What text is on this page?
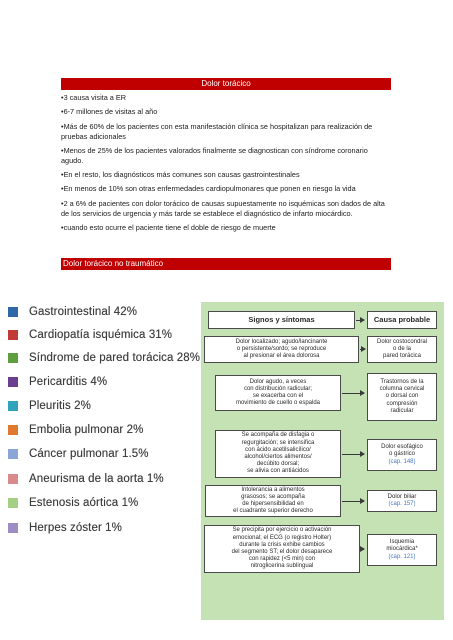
Dolor torácico
• 3 causa visita a ER
• 6-7 millones de visitas al año
• Más de 60% de los pacientes con esta manifestación clínica se hospitalizan para realización de pruebas adicionales
• Menos de 25% de los pacientes valorados finalmente se diagnostican con síndrome coronario agudo.
• En el resto, los diagnósticos más comunes son causas gastrointestinales
• En menos de 10% son otras enfermedades cardiopulmonares que ponen en riesgo la vida
• 2 a 6% de pacientes con dolor torácico de causas supuestamente no isquémicas son dados de alta de los servicios de urgencia y más tarde se establece el diagnóstico de infarto miocárdico.
• cuando esto ocurre el paciente tiene el doble de riesgo de muerte
Dolor torácico no traumático
Gastrointestinal 42%
Cardiopatía isquémica 31%
Síndrome de pared torácica 28%
Pericarditis 4%
Pleuritis 2%
Embolia pulmonar 2%
Cáncer pulmonar 1.5%
Aneurisma de la aorta 1%
Estenosis aórtica 1%
Herpes zóster 1%
Signos y síntomas	Causa probable
Dolor localizado; agudo/lancinante
o persistente/sordo; se reproduce
al presionar el área dolorosa
Dolor costocondral
o de la
pared torácica
Dolor agudo, a veces
con distribución radicular;
se exacerba con el
movimiento de cuello o espalda
Trastornos de la
columna cervical
o dorsal con
compresión
radicular
Se acompaña de disfagia o
regurgitación; se intensifica
con ácido acetilsalicílico/
alcohol/ciertos alimentos/
decúbito dorsal;
se alivia con antiácidos
Dolor esofágico
o gástrico
(cap. 148)
Intolerancia a alimentos
grasosos; se acompaña
de hipersensibilidad en
el cuadrante superior derecho
Dolor biliar
(cap. 157)
Se precipita por ejercicio o activación
emocional; el ECG (o registro Holter)
durante la crisis exhibe cambios
del segmento ST; el dolor desaparece
con rapidez (<5 min) con
nitroglicerina sublingual
Isquemia
miocárdica*
(cap. 121)
